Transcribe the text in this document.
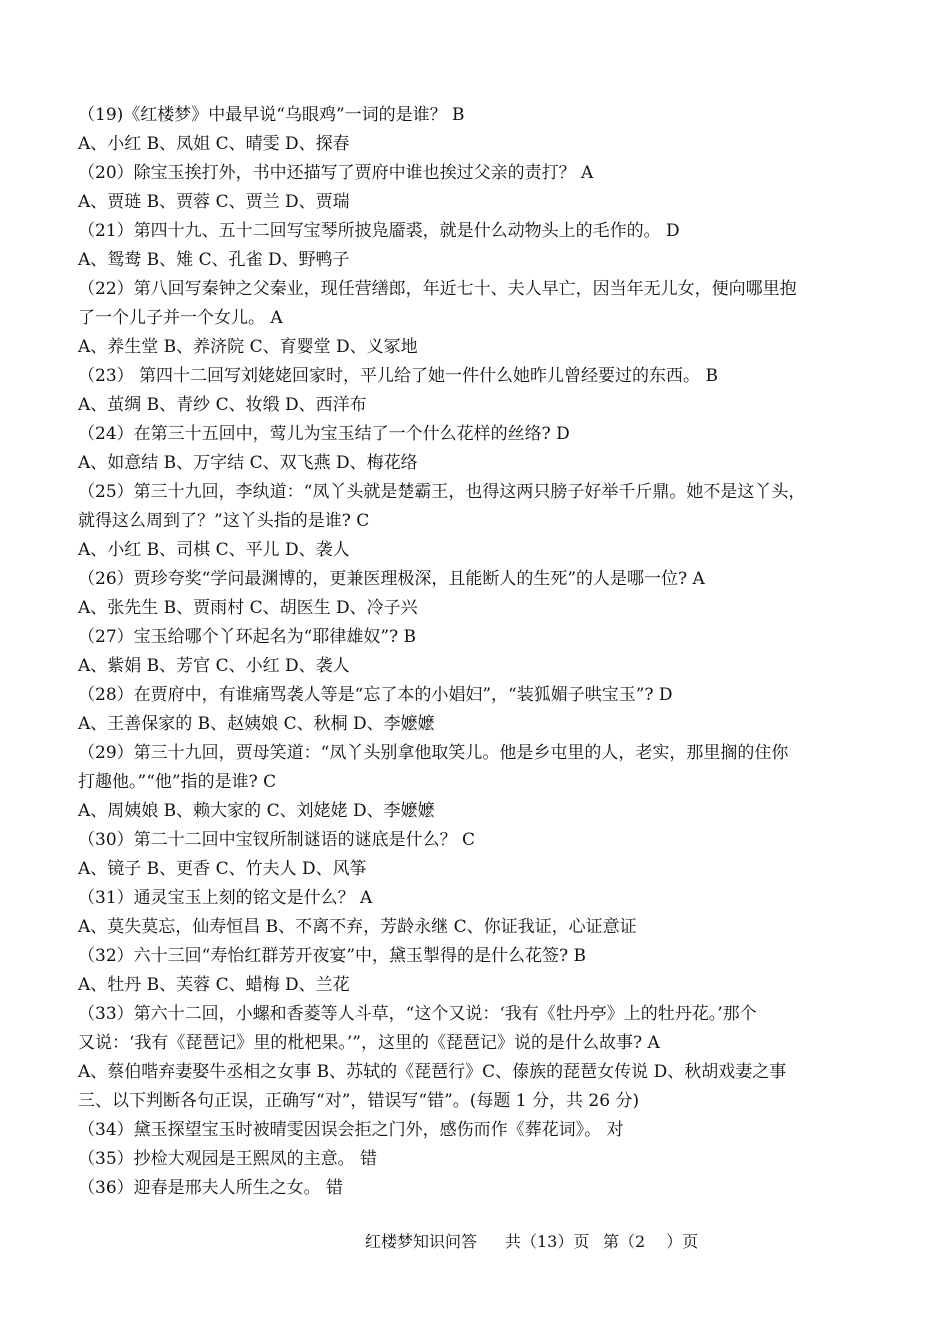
（19)《红楼梦》中最早说“乌眼鸡”一词的是谁？ B
A、小红 B、凤姐 C、晴雯 D、探春
（20）除宝玉挨打外，书中还描写了贾府中谁也挨过父亲的责打？ A
A、贾琏 B、贾蓉 C、贾兰 D、贾瑞
（21）第四十九、五十二回写宝琴所披凫靥裘，就是什么动物头上的毛作的。 D
A、鸳鸯 B、雉 C、孔雀 D、野鸭子
（22）第八回写秦钟之父秦业，现任营缮郎，年近七十、夫人早亡，因当年无儿女，便向哪里抱
了一个儿子并一个女儿。 A
A、养生堂 B、养济院 C、育婴堂 D、义冢地
（23） 第四十二回写刘姥姥回家时，平儿给了她一件什么她昨儿曾经要过的东西。 B
A、茧绸 B、青纱 C、妆缎 D、西洋布
（24）在第三十五回中，莺儿为宝玉结了一个什么花样的丝络? D
A、如意结 B、万字结 C、双飞燕 D、梅花络
（25）第三十九回，李纨道：“凤丫头就是楚霸王，也得这两只膀子好举千斤鼎。她不是这丫头，
就得这么周到了？”这丫头指的是谁? C
A、小红 B、司棋 C、平儿 D、袭人
（26）贾珍夸奖“学问最渊博的，更兼医理极深，且能断人的生死”的人是哪一位? A
A、张先生 B、贾雨村 C、胡医生 D、冷子兴
（27）宝玉给哪个丫环起名为“耶律雄奴”? B
A、紫娟 B、芳官 C、小红 D、袭人
（28）在贾府中，有谁痛骂袭人等是“忘了本的小娼妇”，“装狐媚子哄宝玉”? D
A、王善保家的 B、赵姨娘 C、秋桐 D、李嬷嬷
（29）第三十九回，贾母笑道：“凤丫头别拿他取笑儿。他是乡屯里的人，老实，那里搁的住你
打趣他。”“他”指的是谁? C
A、周姨娘 B、赖大家的 C、刘姥姥 D、李嬷嬷
（30）第二十二回中宝钗所制谜语的谜底是什么？ C
A、镜子 B、更香 C、竹夫人 D、风筝
（31）通灵宝玉上刻的铭文是什么？ A
A、莫失莫忘，仙寿恒昌 B、不离不弃，芳龄永继 C、你证我证，心证意证
（32）六十三回“寿怡红群芳开夜宴”中，黛玉掣得的是什么花签? B
A、牡丹 B、芙蓉 C、蜡梅 D、兰花
（33）第六十二回，小螺和香菱等人斗草，“这个又说：‘我有《牡丹亭》上的牡丹花。’那个
又说：‘我有《琵琶记》里的枇杷果。’”，这里的《琵琶记》说的是什么故事? A
A、蔡伯喈弃妻娶牛丞相之女事 B、苏轼的《琵琶行》C、傣族的琵琶女传说 D、秋胡戏妻之事
三、以下判断各句正误，正确写“对”，错误写“错”。(每题 1 分，共 26 分)
（34）黛玉探望宝玉时被晴雯因误会拒之门外，感伤而作《葬花词》。 对
（35）抄检大观园是王熙凤的主意。 错
（36）迎春是邢夫人所生之女。 错
红楼梦知识问答 共（13）页 第（2　 ）页
